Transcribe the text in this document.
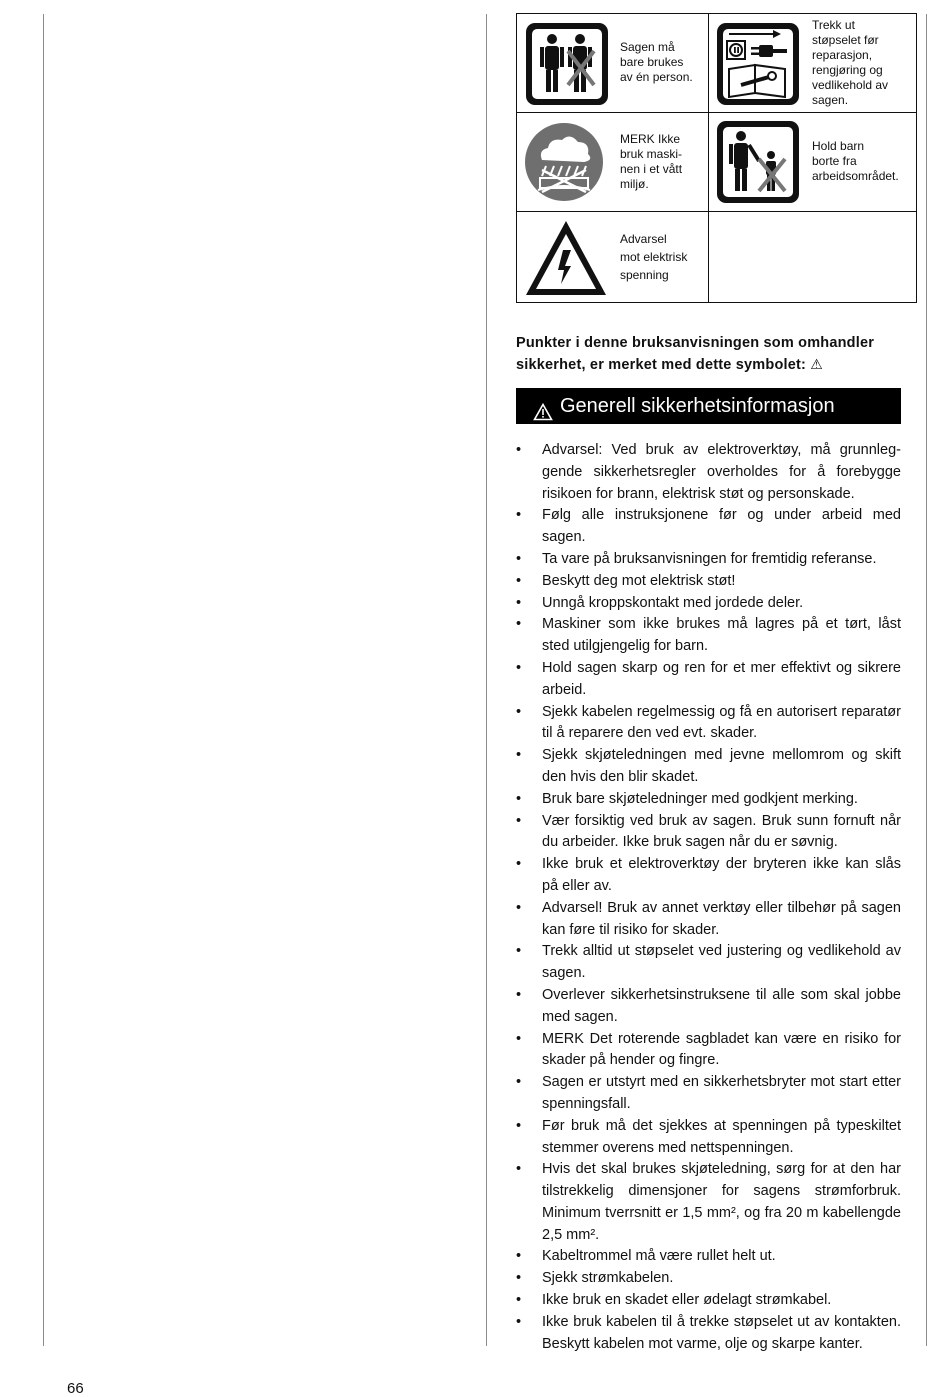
Sagen må
bare brukes
av én person.
Trekk ut
støpselet før
reparasjon,
rengjøring og
vedlikehold av
sagen.
MERK Ikke
bruk maski-
nen i et vått
miljø.
Hold barn
borte fra
arbeidsområdet.
Advarsel
mot elektrisk
spenning
Punkter i denne bruksanvisningen som omhandler sikkerhet, er merket med dette symbolet: ⚠
Generell sikkerhetsinformasjon
• Advarsel: Ved bruk av elektroverktøy, må grunnleggende sikkerhetsregler overholdes for å forebygge risikoen for brann, elektrisk støt og personskade.
• Følg alle instruksjonene før og under arbeid med sagen.
• Ta vare på bruksanvisningen for fremtidig referanse.
• Beskytt deg mot elektrisk støt!
• Unngå kroppskontakt med jordede deler.
• Maskiner som ikke brukes må lagres på et tørt, låst sted utilgjengelig for barn.
• Hold sagen skarp og ren for et mer effektivt og sikrere arbeid.
• Sjekk kabelen regelmessig og få en autorisert reparatør til å reparere den ved evt. skader.
• Sjekk skjøteledningen med jevne mellomrom og skift den hvis den blir skadet.
• Bruk bare skjøteledninger med godkjent merking.
• Vær forsiktig ved bruk av sagen. Bruk sunn fornuft når du arbeider. Ikke bruk sagen når du er søvnig.
• Ikke bruk et elektroverktøy der bryteren ikke kan slås på eller av.
• Advarsel! Bruk av annet verktøy eller tilbehør på sagen kan føre til risiko for skader.
• Trekk alltid ut støpselet ved justering og vedlikehold av sagen.
• Overlever sikkerhetsinstruksene til alle som skal jobbe med sagen.
• MERK Det roterende sagbladet kan være en risiko for skader på hender og fingre.
• Sagen er utstyrt med en sikkerhetsbryter mot start etter spenningsfall.
• Før bruk må det sjekkes at spenningen på typeskiltet stemmer overens med nettspenningen.
• Hvis det skal brukes skjøteledning, sørg for at den har tilstrekkelig dimensjoner for sagens strømforbruk. Minimum tverrsnitt er 1,5 mm², og fra 20 m kabellengde 2,5 mm².
• Kabeltrommel må være rullet helt ut.
• Sjekk strømkabelen.
• Ikke bruk en skadet eller ødelagt strømkabel.
• Ikke bruk kabelen til å trekke støpselet ut av kontakten. Beskytt kabelen mot varme, olje og skarpe kanter.
66
